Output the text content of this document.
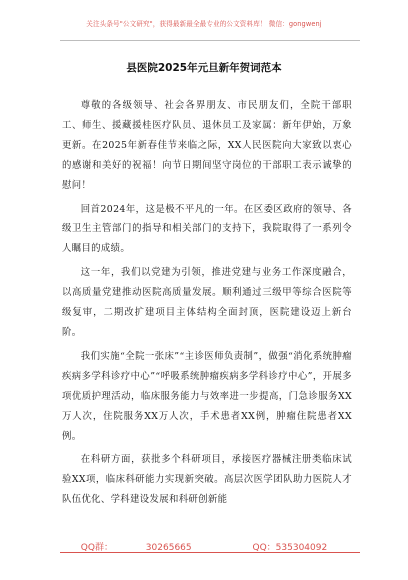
关注头条号"公文研究"，获得最新最全最专业的公文资料库！ 微信：gongwenj
县医院2025年元旦新年贺词范本

尊敬的各级领导、社会各界朋友、市民朋友们，全院干部职工、师生、援藏援桂医疗队员、退休员工及家属：新年伊始，万象更新。在2025年新春佳节来临之际，XX人民医院向大家致以衷心的感谢和美好的祝福！向节日期间坚守岗位的干部职工表示诚挚的慰问！

回首2024年，这是极不平凡的一年。在区委区政府的领导、各级卫生主管部门的指导和相关部门的支持下，我院取得了一系列令人瞩目的成绩。

这一年，我们以党建为引领，推进党建与业务工作深度融合，以高质量党建推动医院高质量发展。顺利通过三级甲等综合医院等级复审，二期改扩建项目主体结构全面封顶，医院建设迈上新台阶。

我们实施“全院一张床”“主诊医师负责制”，做强“消化系统肿瘤疾病多学科诊疗中心”“呼吸系统肿瘤疾病多学科诊疗中心”，开展多项优质护理活动，临床服务能力与效率进一步提高，门急诊服务XX万人次，住院服务XX万人次，手术患者XX例，肿瘤住院患者XX例。

在科研方面，获批多个科研项目，承接医疗器械注册类临床试验XX项，临床科研能力实现新突破。高层次医学团队助力医院人才队伍优化、学科建设发展和科研创新能

QQ群： 30265665	QQ：535304092
